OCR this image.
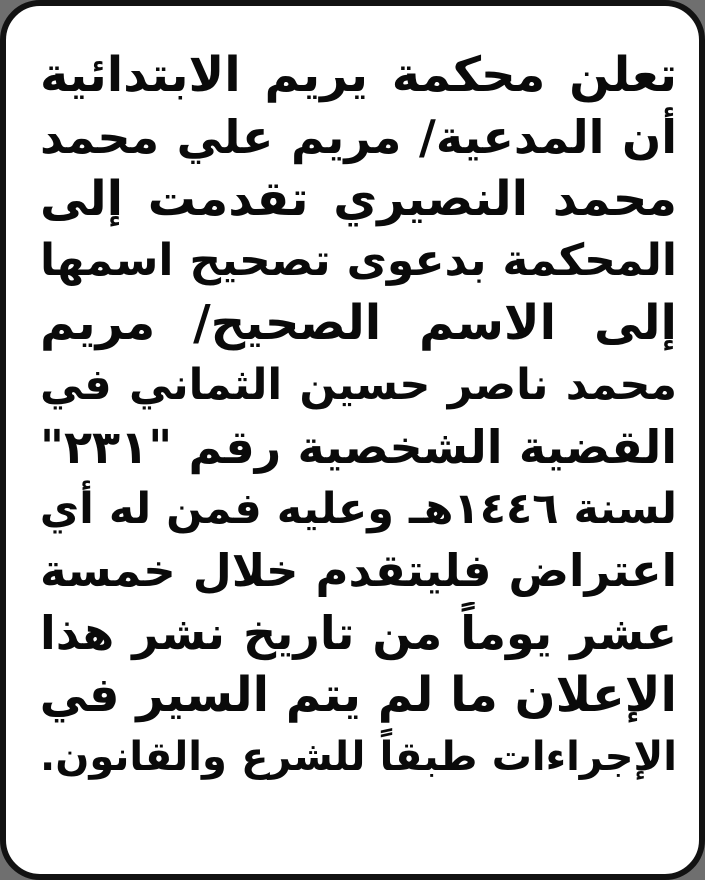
تعلن محكمة يريم الابتدائية
أن المدعية/ مريم علي محمد
محمد النصيري تقدمت إلى
المحكمة بدعوى تصحيح اسمها
إلى الاسم الصحيح/ مريم
محمد ناصر حسين الثماني في
القضية الشخصية رقم "٢٣١"
لسنة ١٤٤٦هـ وعليه فمن له أي
اعتراض فليتقدم خلال خمسة
عشر يوماً من تاريخ نشر هذا
الإعلان ما لم يتم السير في
الإجراءات طبقاً للشرع والقانون.
